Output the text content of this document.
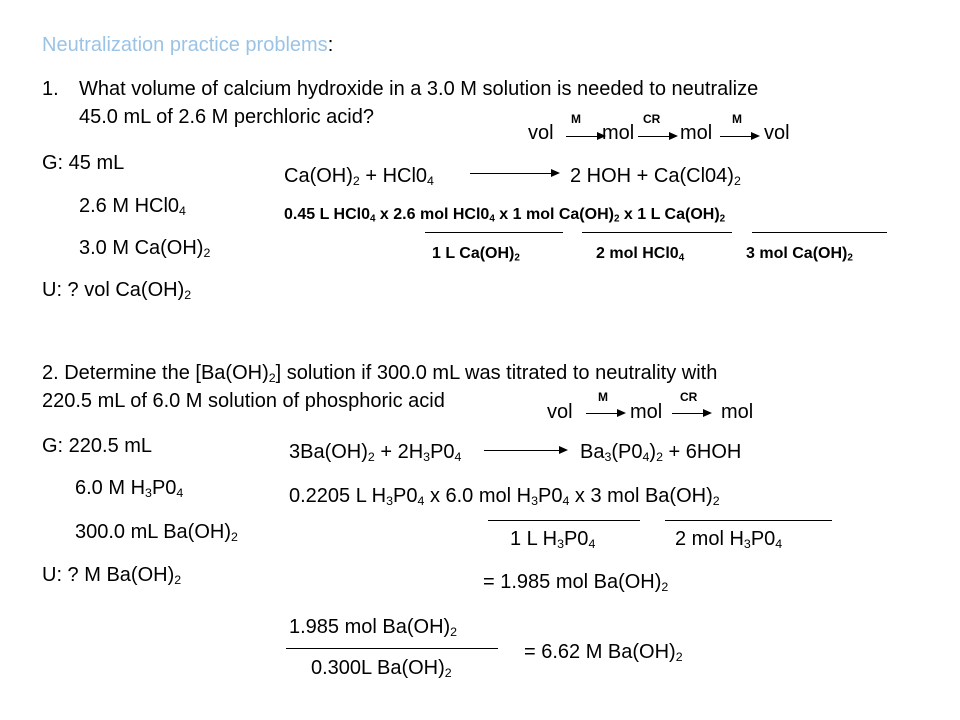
Neutralization practice problems:
1. What volume of calcium hydroxide in a 3.0 M solution is needed to neutralize
45.0 mL of 2.6 M perchloric acid?
vol
M
mol
CR
mol
M
vol
G: 45 mL
2.6 M $HCl0_4$
3.0 M $Ca(OH)_2$
U: ? vol $Ca(OH)_2$
$Ca(OH)_2 + HCl0_4$	2 HOH + $Ca(Cl04)_2$
0.45 L $HCl0_4$ x 2.6 mol $HCl0_4$ x 1 mol $Ca(OH)_2$ x 1 L $Ca(OH)_2$
1 L $Ca(OH)_2$	2 mol $HCl0_4$	3 mol $Ca(OH)_2$
2. Determine the $[Ba(OH)_2]$ solution if 300.0 mL was titrated to neutrality with
220.5 mL of 6.0 M solution of phosphoric acid	vol
M
mol
CR
mol
G: 220.5 mL
6.0 M $H_3P0_4$
300.0 mL $Ba(OH)_2$
U: ? M $Ba(OH)_2$
$3Ba(OH)_2 + 2H_3P0_4$	$Ba_3(P0_4)_2 + 6HOH$
0.2205 L $H_3P0_4$ x 6.0 mol $H_3P0_4$ x 3 mol $Ba(OH)_2$
1 L $H_3P0_4$	2 mol $H_3P0_4$
= 1.985 mol $Ba(OH)_2$
1.985 mol $Ba(OH)_2$
0.300L $Ba(OH)_2$
= 6.62 M $Ba(OH)_2$
